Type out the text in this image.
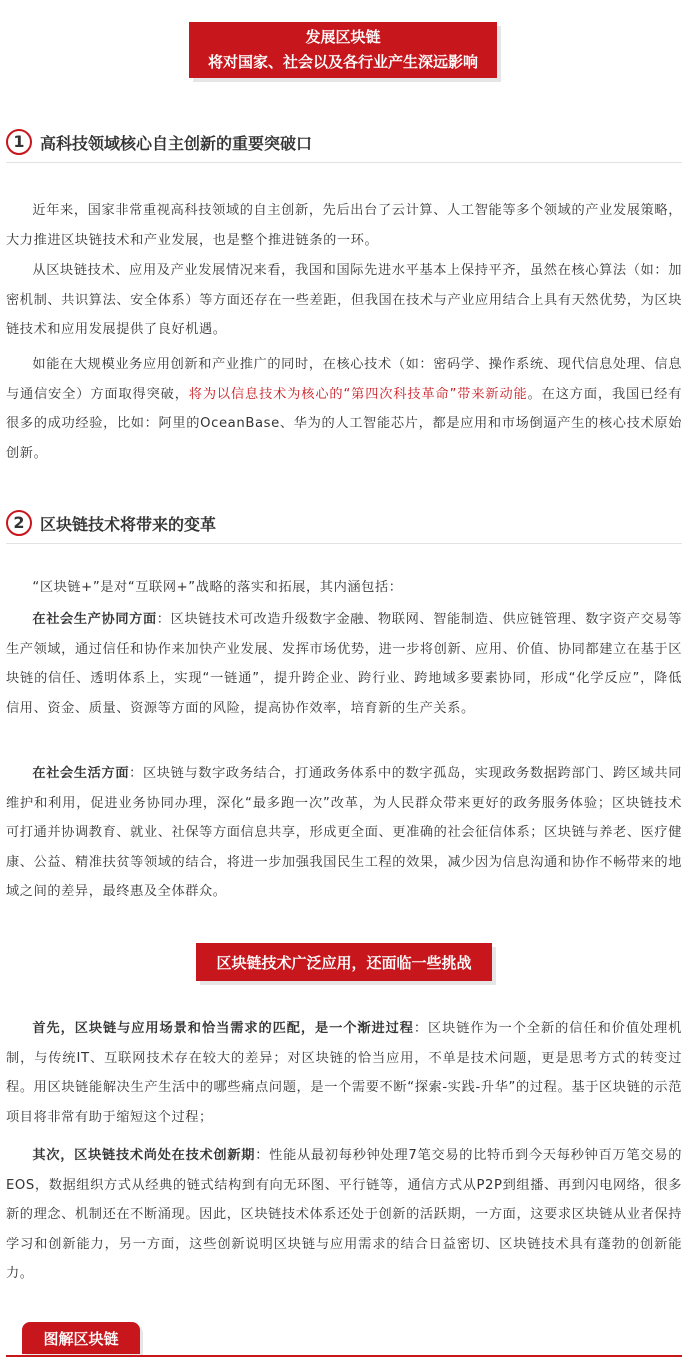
发展区块链
将对国家、社会以及各行业产生深远影响
1 高科技领域核心自主创新的重要突破口

近年来，国家非常重视高科技领域的自主创新，先后出台了云计算、人工智能等多个领域的产业发展策略，大力推进区块链技术和产业发展，也是整个推进链条的一环。

从区块链技术、应用及产业发展情况来看，我国和国际先进水平基本上保持平齐，虽然在核心算法（如：加密机制、共识算法、安全体系）等方面还存在一些差距，但我国在技术与产业应用结合上具有天然优势，为区块链技术和应用发展提供了良好机遇。

如能在大规模业务应用创新和产业推广的同时，在核心技术（如：密码学、操作系统、现代信息处理、信息与通信安全）方面取得突破，将为以信息技术为核心的“第四次科技革命”带来新动能。在这方面，我国已经有很多的成功经验，比如：阿里的OceanBase、华为的人工智能芯片，都是应用和市场倒逼产生的核心技术原始创新。

2 区块链技术将带来的变革

“区块链+”是对“互联网+”战略的落实和拓展，其内涵包括：

在社会生产协同方面：区块链技术可改造升级数字金融、物联网、智能制造、供应链管理、数字资产交易等生产领域，通过信任和协作来加快产业发展、发挥市场优势，进一步将创新、应用、价值、协同都建立在基于区块链的信任、透明体系上，实现“一链通”，提升跨企业、跨行业、跨地域多要素协同，形成“化学反应”，降低信用、资金、质量、资源等方面的风险，提高协作效率，培育新的生产关系。

在社会生活方面：区块链与数字政务结合，打通政务体系中的数字孤岛，实现政务数据跨部门、跨区域共同维护和利用，促进业务协同办理，深化“最多跑一次”改革，为人民群众带来更好的政务服务体验；区块链技术可打通并协调教育、就业、社保等方面信息共享，形成更全面、更准确的社会征信体系；区块链与养老、医疗健康、公益、精准扶贫等领域的结合，将进一步加强我国民生工程的效果，减少因为信息沟通和协作不畅带来的地域之间的差异，最终惠及全体群众。

区块链技术广泛应用，还面临一些挑战

首先，区块链与应用场景和恰当需求的匹配，是一个渐进过程：区块链作为一个全新的信任和价值处理机制，与传统IT、互联网技术存在较大的差异；对区块链的恰当应用，不单是技术问题，更是思考方式的转变过程。用区块链能解决生产生活中的哪些痛点问题，是一个需要不断“探索-实践-升华”的过程。基于区块链的示范项目将非常有助于缩短这个过程；

其次，区块链技术尚处在技术创新期：性能从最初每秒钟处理7笔交易的比特币到今天每秒钟百万笔交易的EOS，数据组织方式从经典的链式结构到有向无环图、平行链等，通信方式从P2P到组播、再到闪电网络，很多新的理念、机制还在不断涌现。因此，区块链技术体系还处于创新的活跃期，一方面，这要求区块链从业者保持学习和创新能力，另一方面，这些创新说明区块链与应用需求的结合日益密切、区块链技术具有蓬勃的创新能力。

图解区块链
